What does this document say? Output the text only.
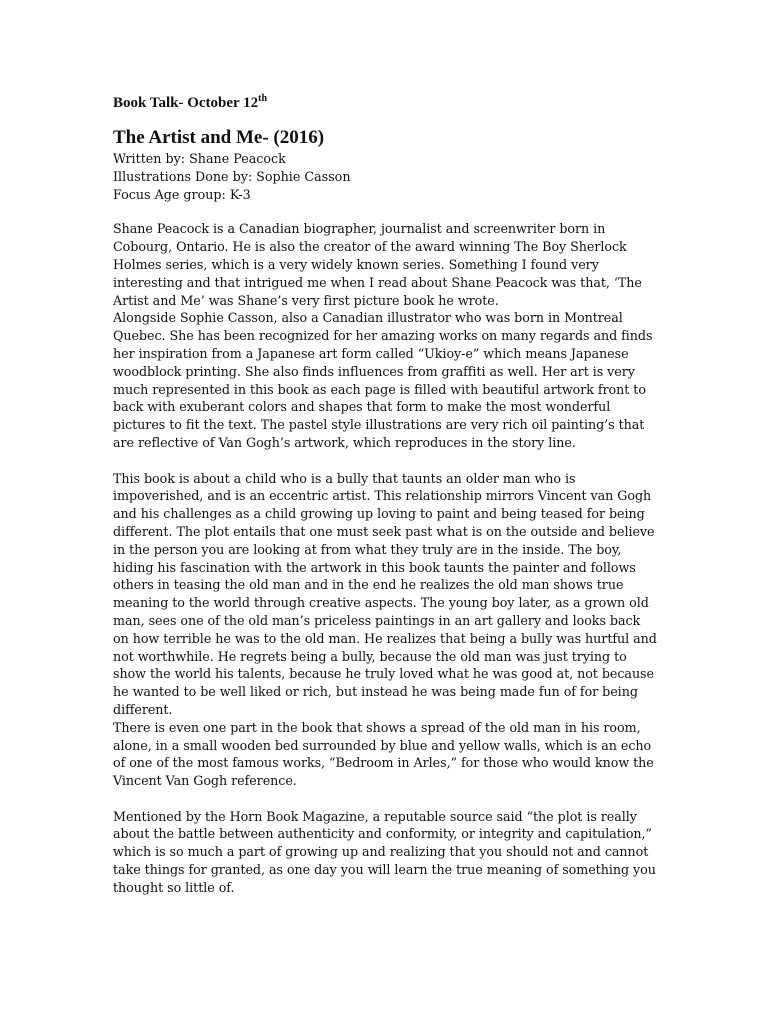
Book Talk- October 12th

The Artist and Me- (2016)

Written by: Shane Peacock

Illustrations Done by: Sophie Casson

Focus Age group: K-3

Shane Peacock is a Canadian biographer, journalist and screenwriter born in Cobourg, Ontario. He is also the creator of the award winning The Boy Sherlock Holmes series, which is a very widely known series. Something I found very interesting and that intrigued me when I read about Shane Peacock was that, ‘The Artist and Me’ was Shane’s very first picture book he wrote.

Alongside Sophie Casson, also a Canadian illustrator who was born in Montreal Quebec. She has been recognized for her amazing works on many regards and finds her inspiration from a Japanese art form called “Ukioy-e” which means Japanese woodblock printing. She also finds influences from graffiti as well. Her art is very much represented in this book as each page is filled with beautiful artwork front to back with exuberant colors and shapes that form to make the most wonderful pictures to fit the text. The pastel style illustrations are very rich oil painting’s that are reflective of Van Gogh’s artwork, which reproduces in the story line.

This book is about a child who is a bully that taunts an older man who is impoverished, and is an eccentric artist. This relationship mirrors Vincent van Gogh and his challenges as a child growing up loving to paint and being teased for being different. The plot entails that one must seek past what is on the outside and believe in the person you are looking at from what they truly are in the inside. The boy, hiding his fascination with the artwork in this book taunts the painter and follows others in teasing the old man and in the end he realizes the old man shows true meaning to the world through creative aspects. The young boy later, as a grown old man, sees one of the old man’s priceless paintings in an art gallery and looks back on how terrible he was to the old man. He realizes that being a bully was hurtful and not worthwhile. He regrets being a bully, because the old man was just trying to show the world his talents, because he truly loved what he was good at, not because he wanted to be well liked or rich, but instead he was being made fun of for being different.

There is even one part in the book that shows a spread of the old man in his room, alone, in a small wooden bed surrounded by blue and yellow walls, which is an echo of one of the most famous works, “Bedroom in Arles,” for those who would know the Vincent Van Gogh reference.

Mentioned by the Horn Book Magazine, a reputable source said “the plot is really about the battle between authenticity and conformity, or integrity and capitulation,” which is so much a part of growing up and realizing that you should not and cannot take things for granted, as one day you will learn the true meaning of something you thought so little of.
